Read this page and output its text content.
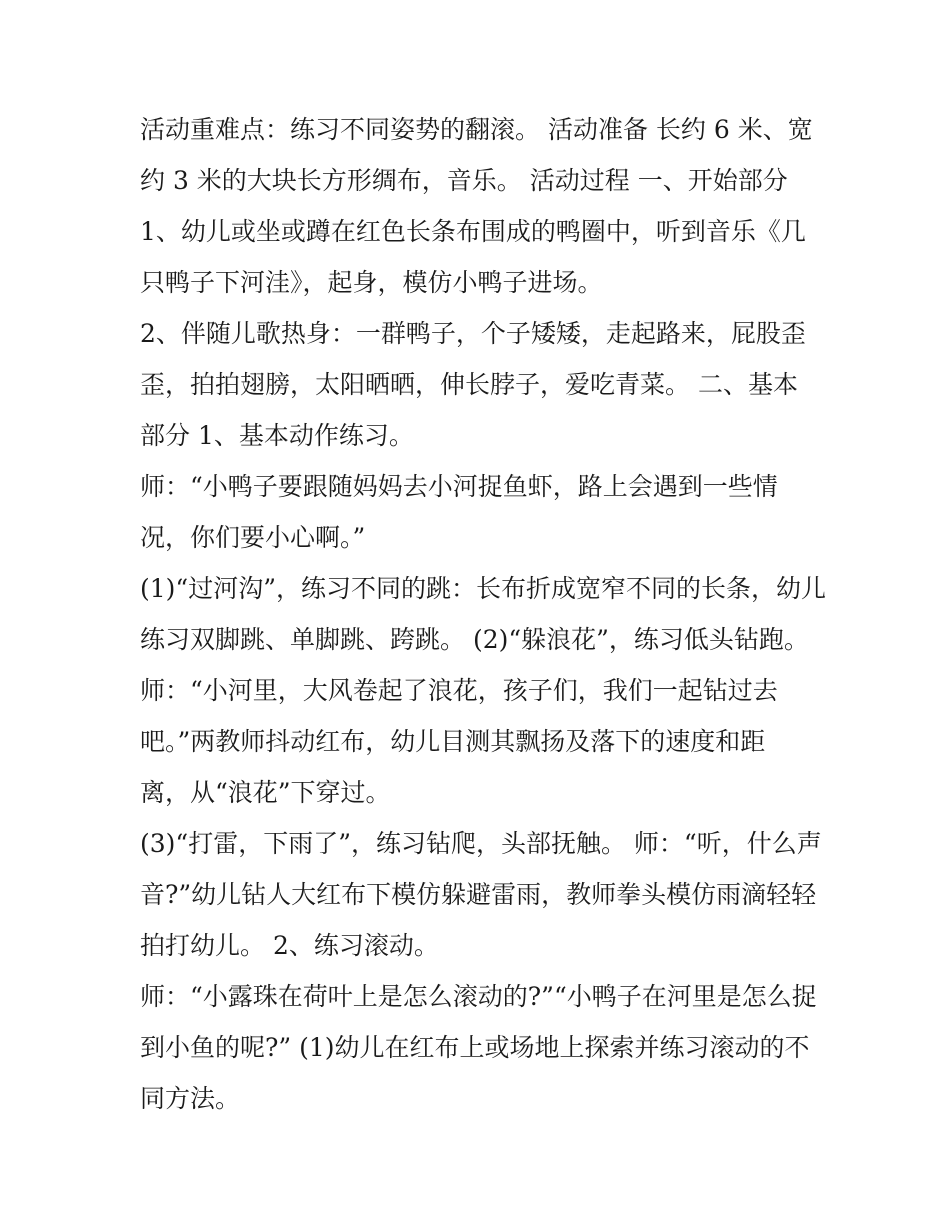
活动重难点：练习不同姿势的翻滚。 活动准备 长约 6 米、宽
约 3 米的大块长方形绸布，音乐。 活动过程 一、开始部分
1、幼儿或坐或蹲在红色长条布围成的鸭圈中，听到音乐《几
只鸭子下河洼》，起身，模仿小鸭子进场。
2、伴随儿歌热身：一群鸭子，个子矮矮，走起路来，屁股歪
歪，拍拍翅膀，太阳晒晒，伸长脖子，爱吃青菜。 二、基本
部分 1、基本动作练习。
师：“小鸭子要跟随妈妈去小河捉鱼虾，路上会遇到一些情
况，你们要小心啊。”
(1)“过河沟”，练习不同的跳：长布折成宽窄不同的长条，幼儿
练习双脚跳、单脚跳、跨跳。 (2)“躲浪花”，练习低头钻跑。
师：“小河里，大风卷起了浪花，孩子们，我们一起钻过去
吧。”两教师抖动红布，幼儿目测其飘扬及落下的速度和距
离，从“浪花”下穿过。
(3)“打雷，下雨了”，练习钻爬，头部抚触。 师：“听，什么声
音?”幼儿钻人大红布下模仿躲避雷雨，教师拳头模仿雨滴轻轻
拍打幼儿。 2、练习滚动。
师：“小露珠在荷叶上是怎么滚动的?”“小鸭子在河里是怎么捉
到小鱼的呢?” (1)幼儿在红布上或场地上探索并练习滚动的不
同方法。
